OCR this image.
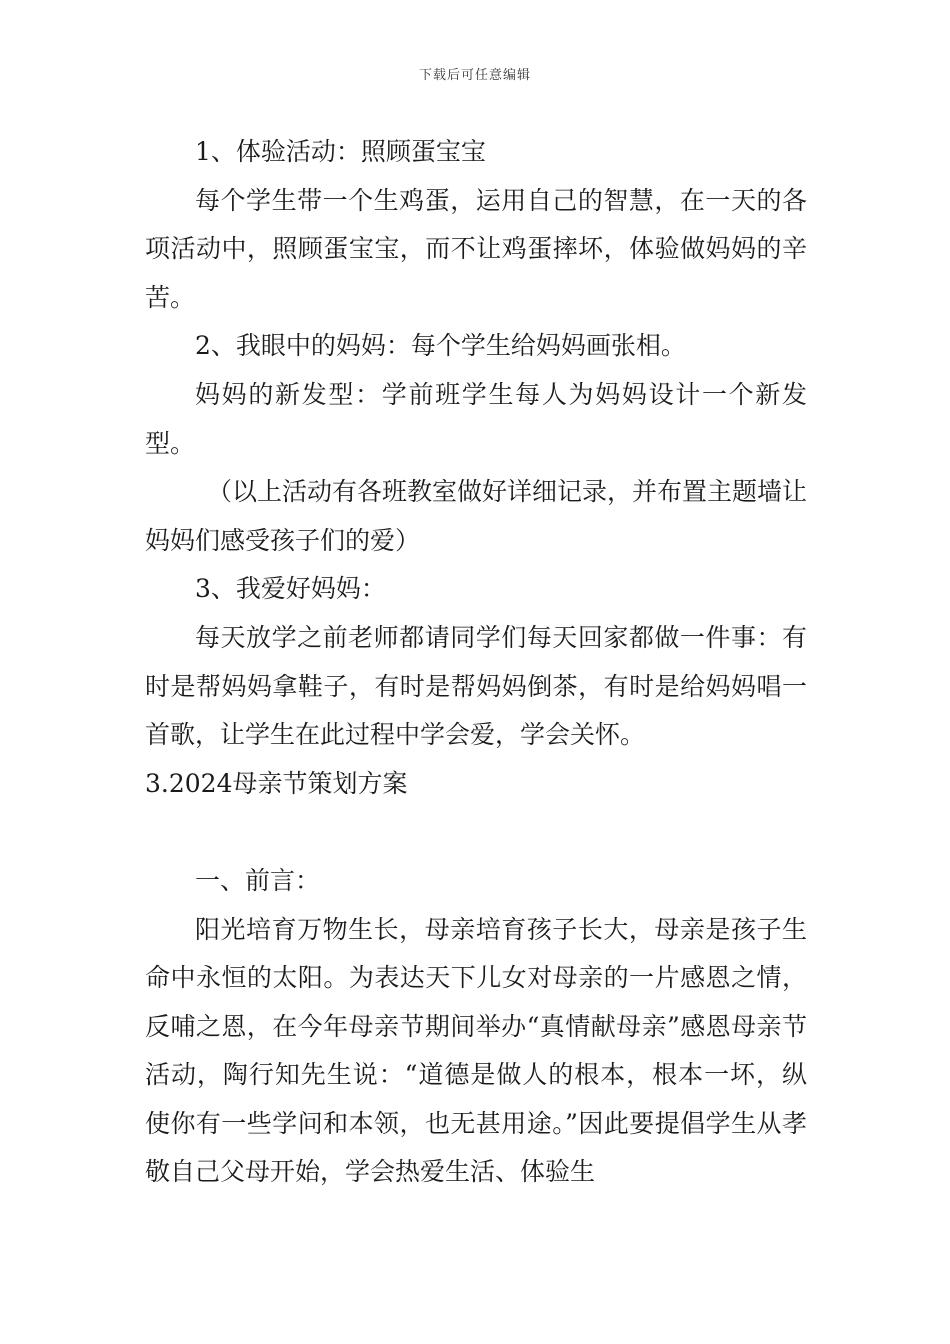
下载后可任意编辑

1、体验活动：照顾蛋宝宝

每个学生带一个生鸡蛋，运用自己的智慧，在一天的各项活动中，照顾蛋宝宝，而不让鸡蛋摔坏，体验做妈妈的辛苦。

2、我眼中的妈妈：每个学生给妈妈画张相。

妈妈的新发型：学前班学生每人为妈妈设计一个新发型。

（以上活动有各班教室做好详细记录，并布置主题墙让妈妈们感受孩子们的爱）

3、我爱好妈妈：

每天放学之前老师都请同学们每天回家都做一件事：有时是帮妈妈拿鞋子，有时是帮妈妈倒茶，有时是给妈妈唱一首歌，让学生在此过程中学会爱，学会关怀。

3.2024母亲节策划方案

一、前言：

阳光培育万物生长，母亲培育孩子长大，母亲是孩子生命中永恒的太阳。为表达天下儿女对母亲的一片感恩之情，反哺之恩，在今年母亲节期间举办“真情献母亲”感恩母亲节活动，陶行知先生说：“道德是做人的根本，根本一坏，纵使你有一些学问和本领，也无甚用途。”因此要提倡学生从孝敬自己父母开始，学会热爱生活、体验生
